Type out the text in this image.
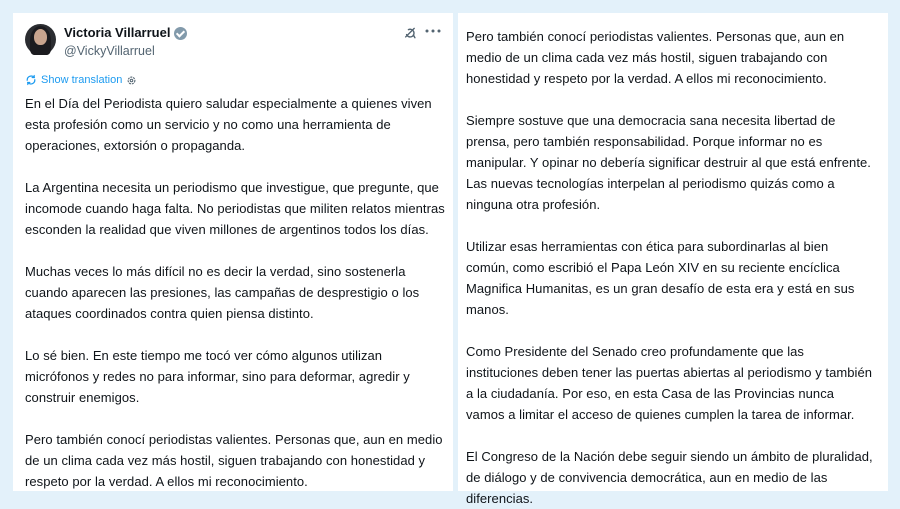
Victoria Villarruel
@VickyVillarruel
Show translation

En el Día del Periodista quiero saludar especialmente a quienes viven esta profesión como un servicio y no como una herramienta de operaciones, extorsión o propaganda.

La Argentina necesita un periodismo que investigue, que pregunte, que incomode cuando haga falta. No periodistas que militen relatos mientras esconden la realidad que viven millones de argentinos todos los días.

Muchas veces lo más difícil no es decir la verdad, sino sostenerla cuando aparecen las presiones, las campañas de desprestigio o los ataques coordinados contra quien piensa distinto.

Lo sé bien. En este tiempo me tocó ver cómo algunos utilizan micrófonos y redes no para informar, sino para deformar, agredir y construir enemigos.

Pero también conocí periodistas valientes. Personas que, aun en medio de un clima cada vez más hostil, siguen trabajando con honestidad y respeto por la verdad. A ellos mi reconocimiento.

Pero también conocí periodistas valientes. Personas que, aun en medio de un clima cada vez más hostil, siguen trabajando con honestidad y respeto por la verdad. A ellos mi reconocimiento.

Siempre sostuve que una democracia sana necesita libertad de prensa, pero también responsabilidad. Porque informar no es manipular. Y opinar no debería significar destruir al que está enfrente. Las nuevas tecnologías interpelan al periodismo quizás como a ninguna otra profesión.

Utilizar esas herramientas con ética para subordinarlas al bien común, como escribió el Papa León XIV en su reciente encíclica Magnifica Humanitas, es un gran desafío de esta era y está en sus manos.

Como Presidente del Senado creo profundamente que las instituciones deben tener las puertas abiertas al periodismo y también a la ciudadanía. Por eso, en esta Casa de las Provincias nunca vamos a limitar el acceso de quienes cumplen la tarea de informar.

El Congreso de la Nación debe seguir siendo un ámbito de pluralidad, de diálogo y de convivencia democrática, aun en medio de las diferencias.
